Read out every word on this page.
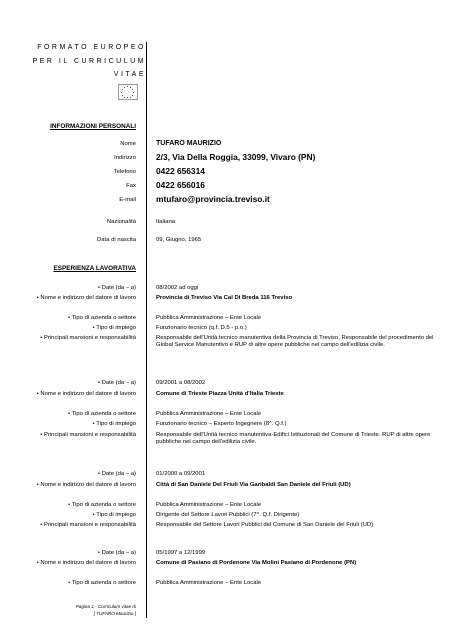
FORMATO EUROPEO
PER IL CURRICULUM
VITAE
INFORMAZIONI PERSONALI
Nome	TUFARO MAURIZIO
Indirizzo 2/3, Via Della Roggia, 33099, Vivaro (PN)
Telefono 0422 656314
Fax 0422 656016
E-mail mtufaro@provincia.treviso.it
Nazionalità	Italiana
Data di nascita	09, Giugno, 1965
ESPERIENZA LAVORATIVA
• Date (da – a)	08/2002 ad oggi
• Nome e indirizzo del datore di lavoro	Provincia di Treviso Via Cal Di Breda 116 Treviso
• Tipo di azienda o settore	Pubblica Amministrazione – Ente Locale
• Tipo di impiego	Funzionario tecnico (q.f. D.5 - p.o.)
• Principali mansioni e responsabilità	Responsabile dell'Unità tecnico manutentiva della Provincia di Treviso, Responsabile del procedimento del Global Service Manutentivo e RUP di altre opere pubbliche nel campo dell'edilizia civile.
• Date (da – a)	09/2001 a 08/2002
• Nome e indirizzo del datore di lavoro	Comune di Trieste Piazza Unità d'Italia Trieste
• Tipo di azienda o settore	Pubblica Amministrazione – Ente Locale
• Tipo di impiego	Funzionario tecnico – Esperto Ingegnere (8^. Q.f.)
• Principali mansioni e responsabilità	Responsabile dell'Unità tecnico manutentiva-Edifici Istituzionali del Comune di Trieste. RUP di altre opere pubbliche nel campo dell'edilizia civile.
• Date (da – a)	01/2000 a 09/2001
• Nome e indirizzo del datore di lavoro	Città di San Daniele Del Friuli Via Garibaldi San Daniele del Friuli (UD)
• Tipo di azienda o settore	Pubblica Amministrazione – Ente Locale
• Tipo di impiego	Dirigente del Settore Lavori Pubblici (7^. Q.f. Dirigente)
• Principali mansioni e responsabilità	Responsabile del Settore Lavori Pubblici del Comune di San Daniele del Friuli (UD)
• Date (da – a)	05/1997 a 12/1999
• Nome e indirizzo del datore di lavoro	Comune di Pasiano di Pordenone Via Molini Pasiano di Pordenone (PN)
• Tipo di azienda o settore	Pubblica Amministrazione – Ente Locale
Pagina 1 - Curriculum vitae di
[ TUFARO Maurizio ]
